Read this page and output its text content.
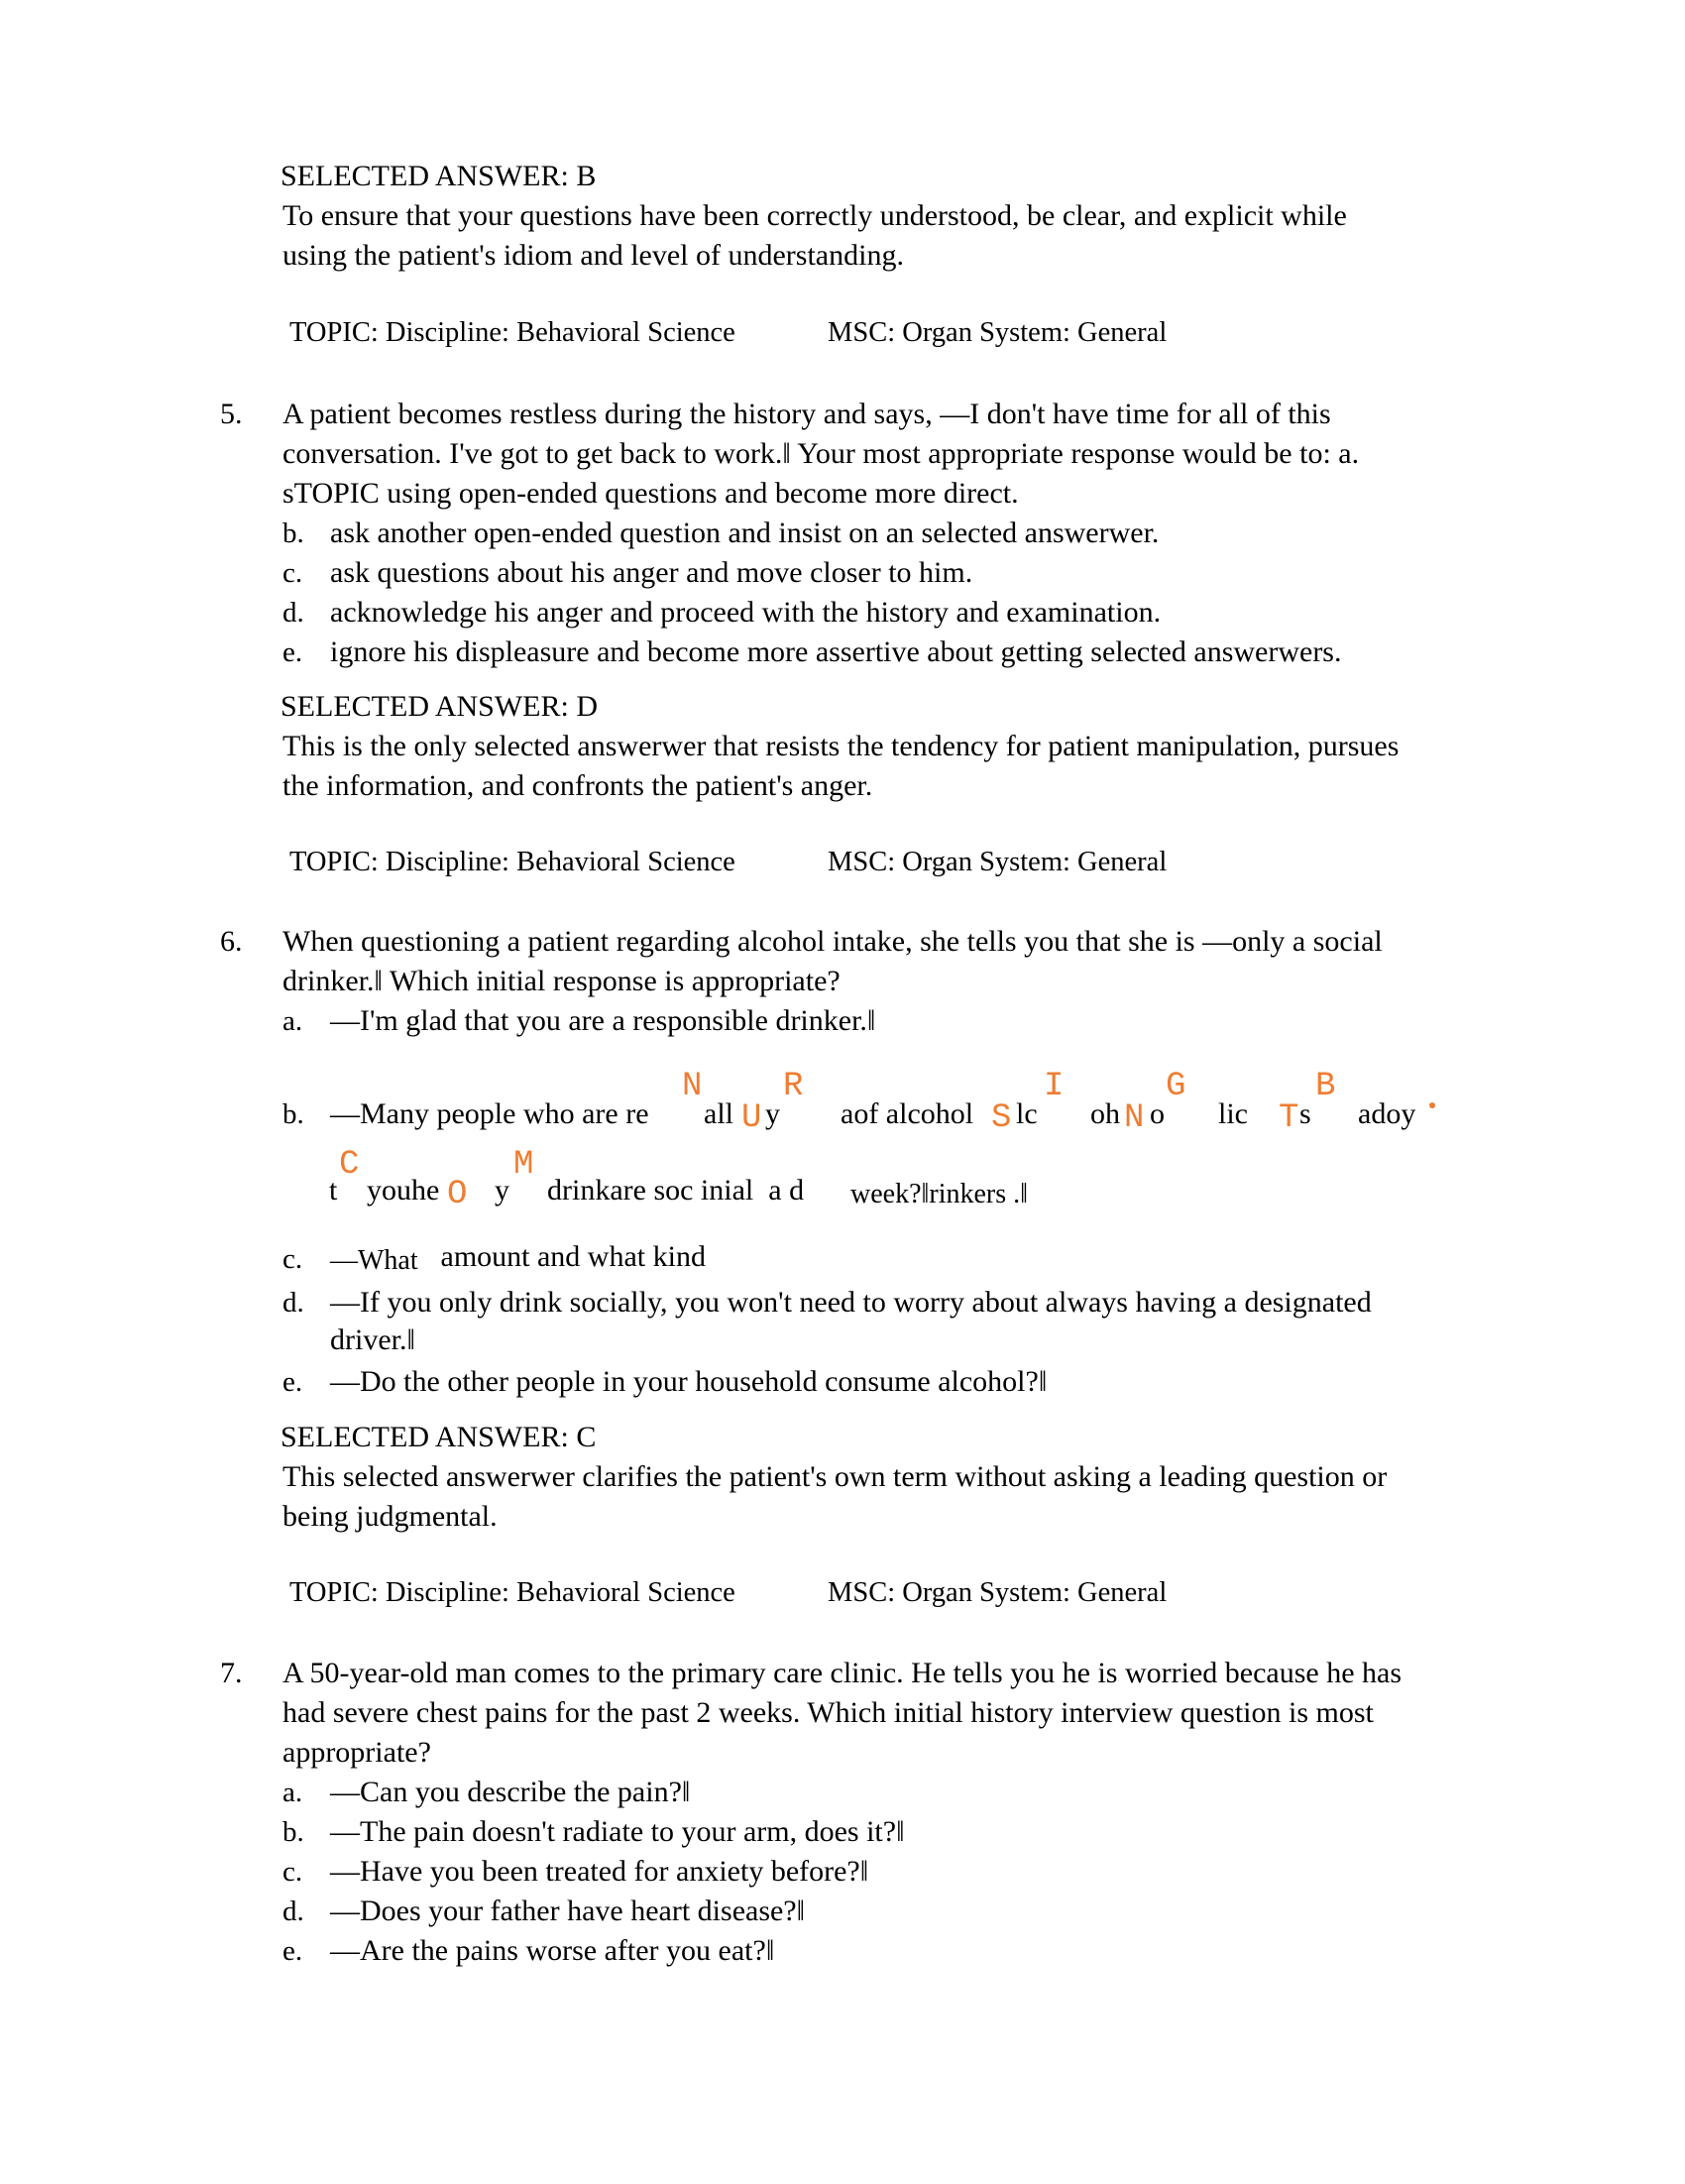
SELECTED ANSWER: B
To ensure that your questions have been correctly understood, be clear, and explicit while
using the patient's idiom and level of understanding.
TOPIC: Discipline: Behavioral Science	MSC: Organ System: General
5. A patient becomes restless during the history and says, —I don't have time for all of this
conversation. I've got to get back to work.‖ Your most appropriate response would be to: a.
sTOPIC using open-ended questions and become more direct.
b. ask another open-ended question and insist on an selected answerwer.
c. ask questions about his anger and move closer to him.
d. acknowledge his anger and proceed with the history and examination.
e. ignore his displeasure and become more assertive about getting selected answerwers.
SELECTED ANSWER: D
This is the only selected answerwer that resists the tendency for patient manipulation, pursues
the information, and confronts the patient's anger.
TOPIC: Discipline: Behavioral Science	MSC: Organ System: General
6. When questioning a patient regarding alcohol intake, she tells you that she is —only a social
drinker.‖ Which initial response is appropriate?
a. —I'm glad that you are a responsible drinker.‖
b. —Many people who are re all y aof alcohol lc oh o lic s adoy
N
U
R
S
I
N
G
T
B
t youhe y drinkare soc inial  a d week?‖rinkers .‖
C
O
M
c. —What amount and what kind
d. —If you only drink socially, you won't need to worry about always having a designated
driver.‖
e. —Do the other people in your household consume alcohol?‖
SELECTED ANSWER: C
This selected answerwer clarifies the patient's own term without asking a leading question or
being judgmental.
TOPIC: Discipline: Behavioral Science	MSC: Organ System: General
7. A 50-year-old man comes to the primary care clinic. He tells you he is worried because he has
had severe chest pains for the past 2 weeks. Which initial history interview question is most
appropriate?
a. —Can you describe the pain?‖
b. —The pain doesn't radiate to your arm, does it?‖
c. —Have you been treated for anxiety before?‖
d. —Does your father have heart disease?‖
e. —Are the pains worse after you eat?‖
